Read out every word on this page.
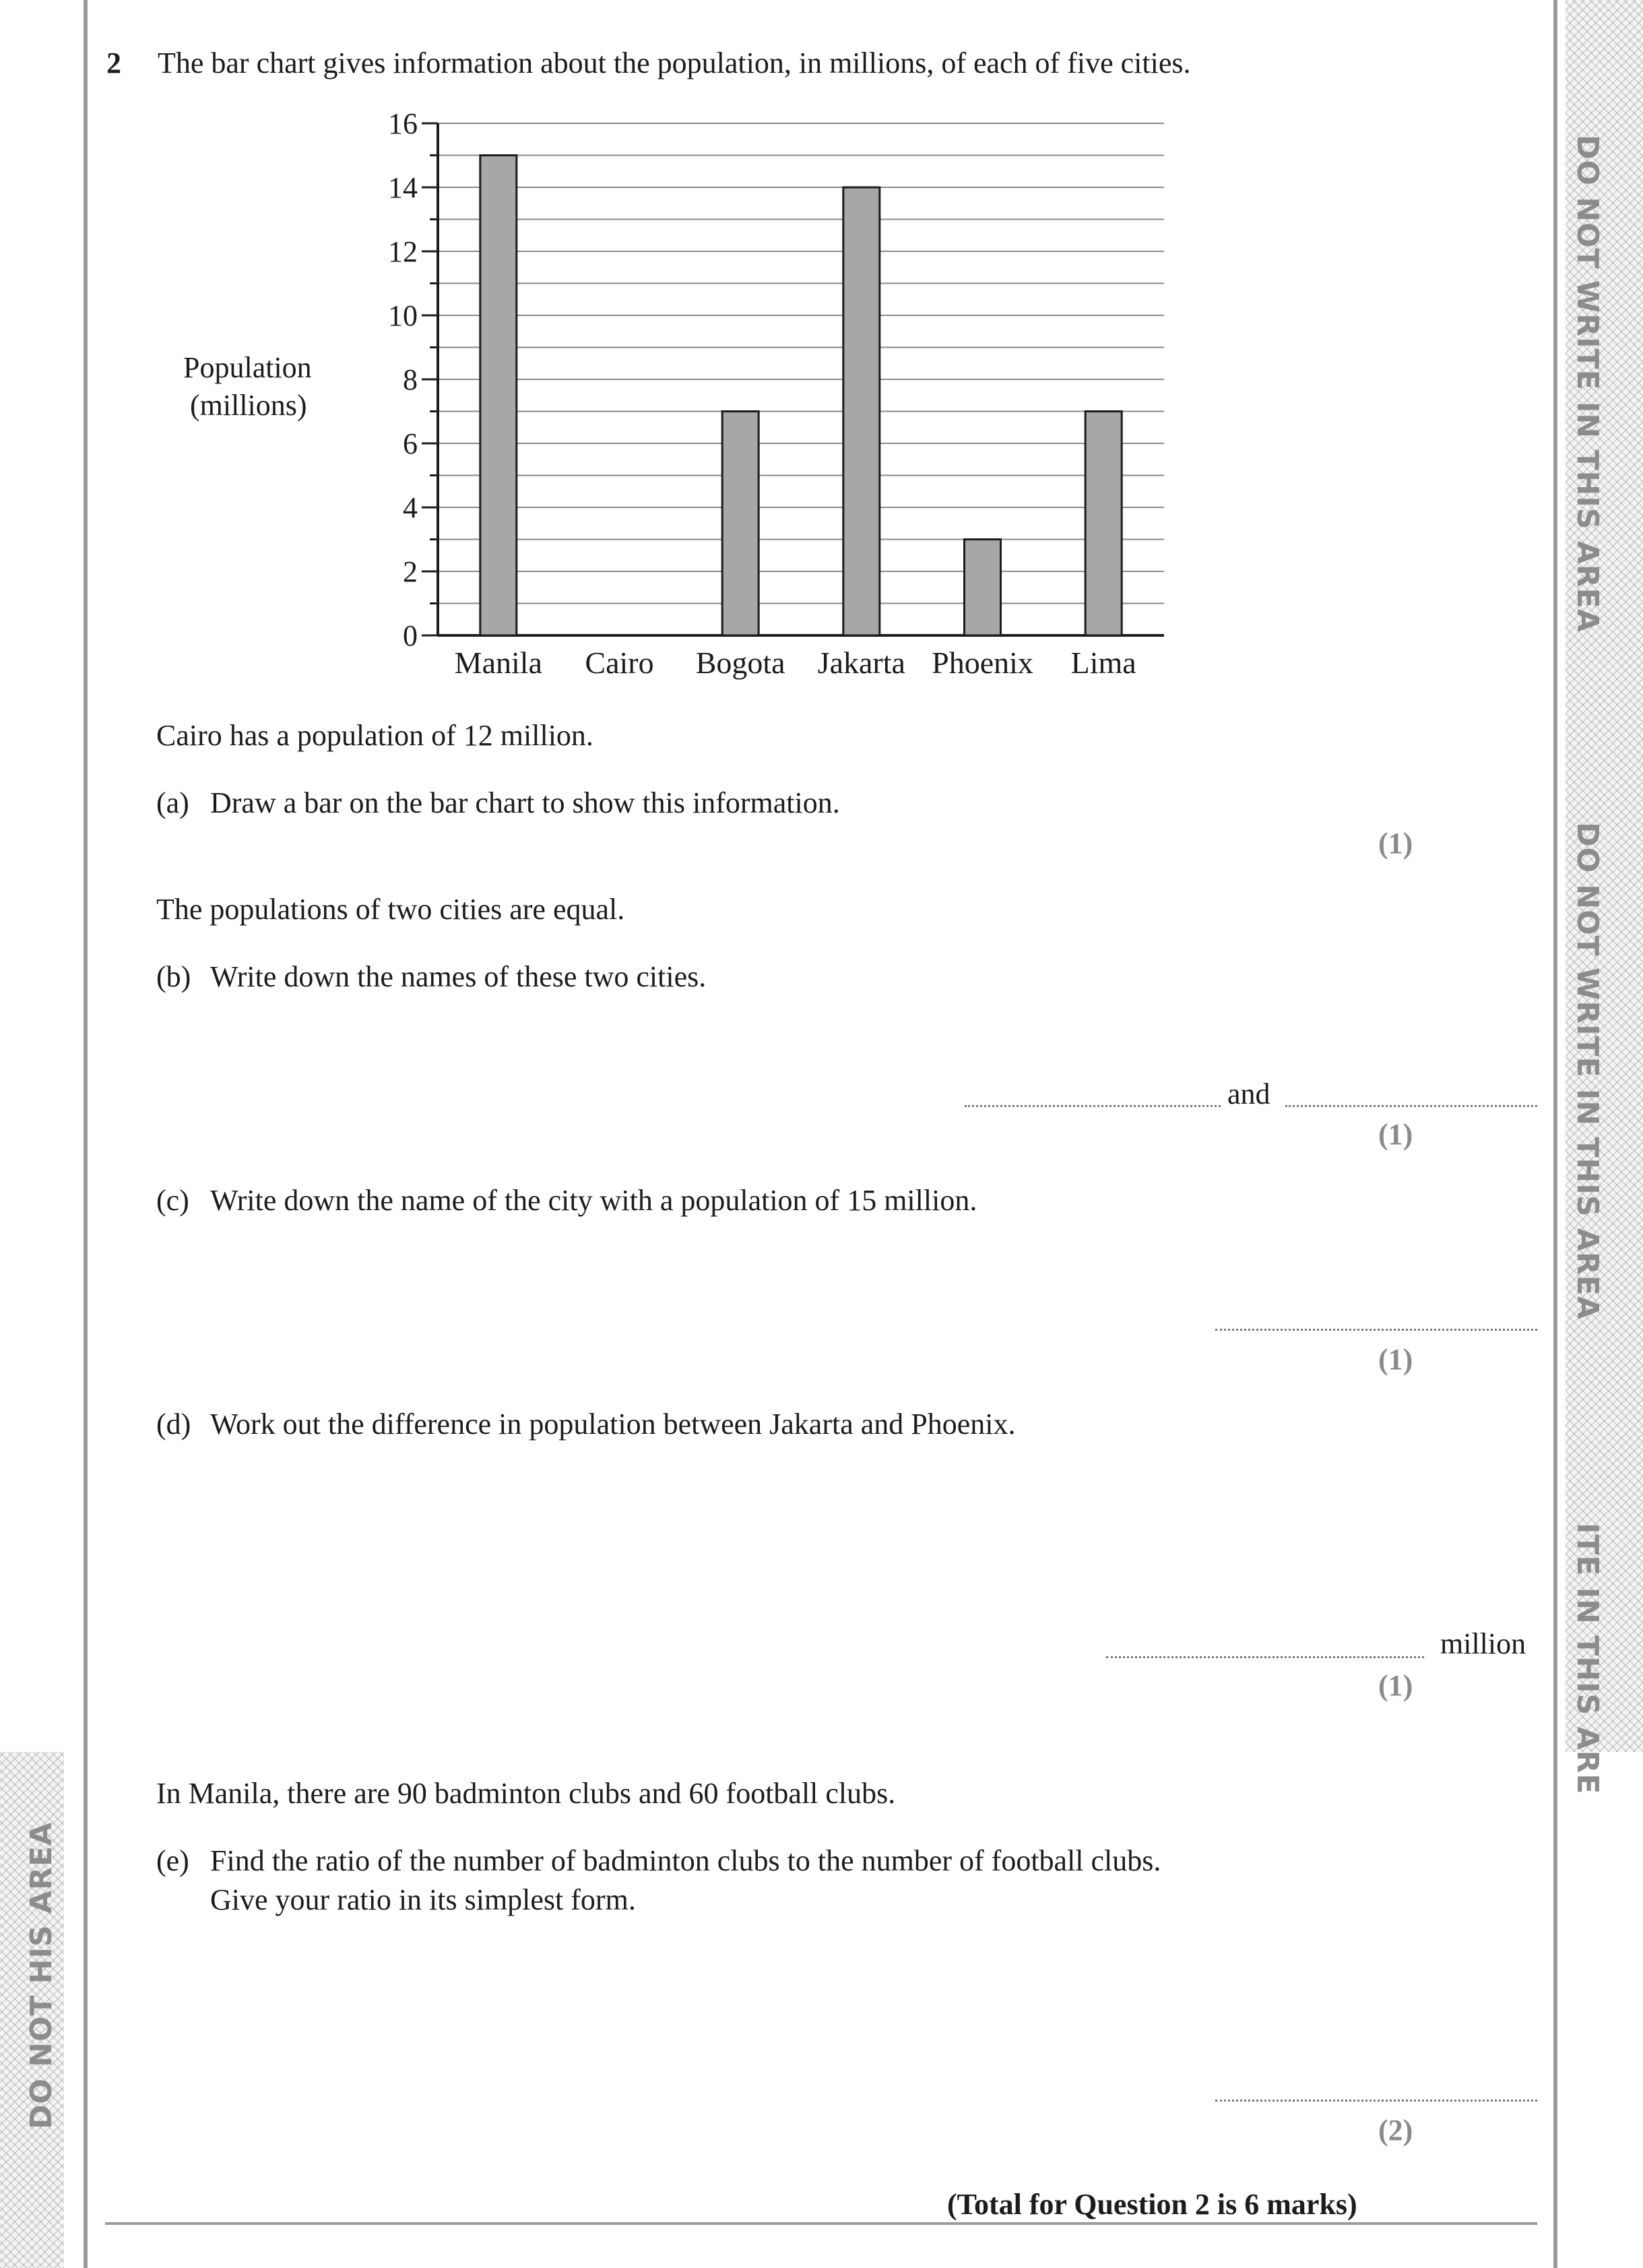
DO NOT WRITE IN THIS AREA
DO NOT WRITE IN THIS AREA
ITE IN THIS ARE
DO NOT HIS AREA
2 The bar chart gives information about the population, in millions, of each of five cities.
Population
(millions)
0
2
4
6
8
10
12
14
16
Manila Cairo Bogota Jakarta Phoenix Lima
Cairo has a population of 12 million.
(a) Draw a bar on the bar chart to show this information.
(1)
The populations of two cities are equal.
(b) Write down the names of these two cities.
and
(1)
(c) Write down the name of the city with a population of 15 million.
(1)
(d) Work out the difference in population between Jakarta and Phoenix.
million
(1)
In Manila, there are 90 badminton clubs and 60 football clubs.
(e) Find the ratio of the number of badminton clubs to the number of football clubs.
Give your ratio in its simplest form.
(2)
(Total for Question 2 is 6 marks)
